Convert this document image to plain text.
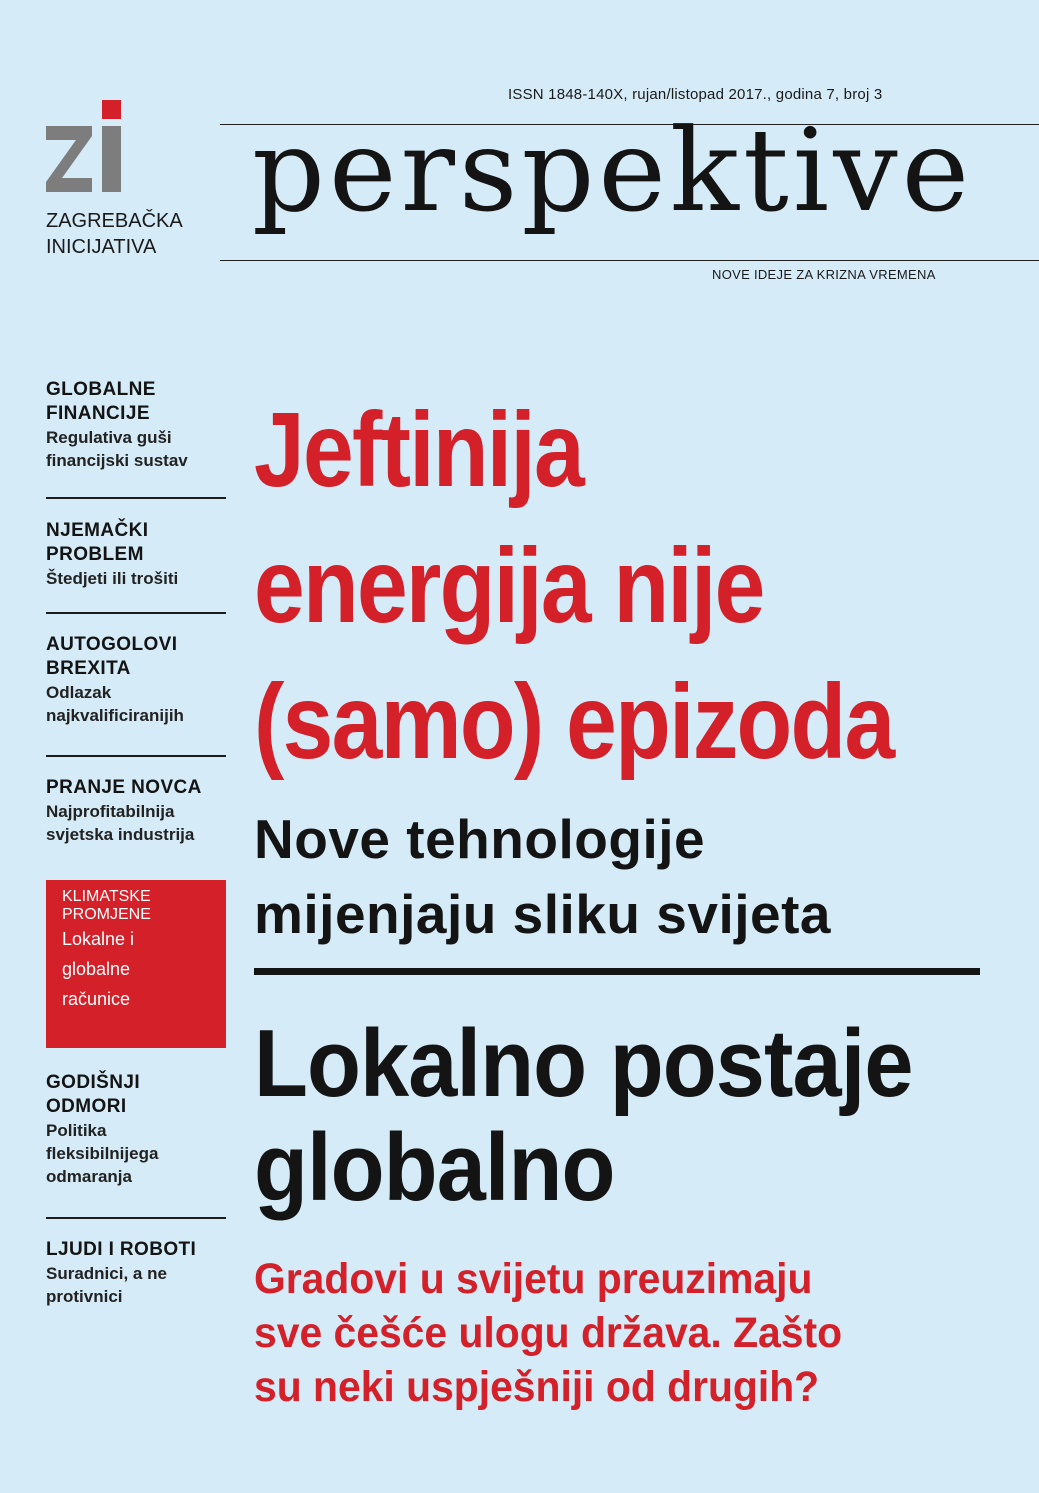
ISSN 1848-140X, rujan/listopad 2017., godina 7, broj 3
perspektive
NOVE IDEJE ZA KRIZNA VREMENA
ZAGREBAČKA
INICIJATIVA
GLOBALNE
FINANCIJE
Regulativa guši
financijski sustav
NJEMAČKI
PROBLEM
Štedjeti ili trošiti
AUTOGOLOVI
BREXITA
Odlazak
najkvalificiranijih
PRANJE NOVCA
Najprofitabilnija
svjetska industrija
KLIMATSKE
PROMJENE
Lokalne i
globalne
računice
GODIŠNJI
ODMORI
Politika
fleksibilnijega
odmaranja
LJUDI I ROBOTI
Suradnici, a ne
protivnici
Jeftinija
energija nije
(samo) epizoda
Nove tehnologije
mijenjaju sliku svijeta
Lokalno postaje
globalno
Gradovi u svijetu preuzimaju
sve češće ulogu država. Zašto
su neki uspješniji od drugih?
